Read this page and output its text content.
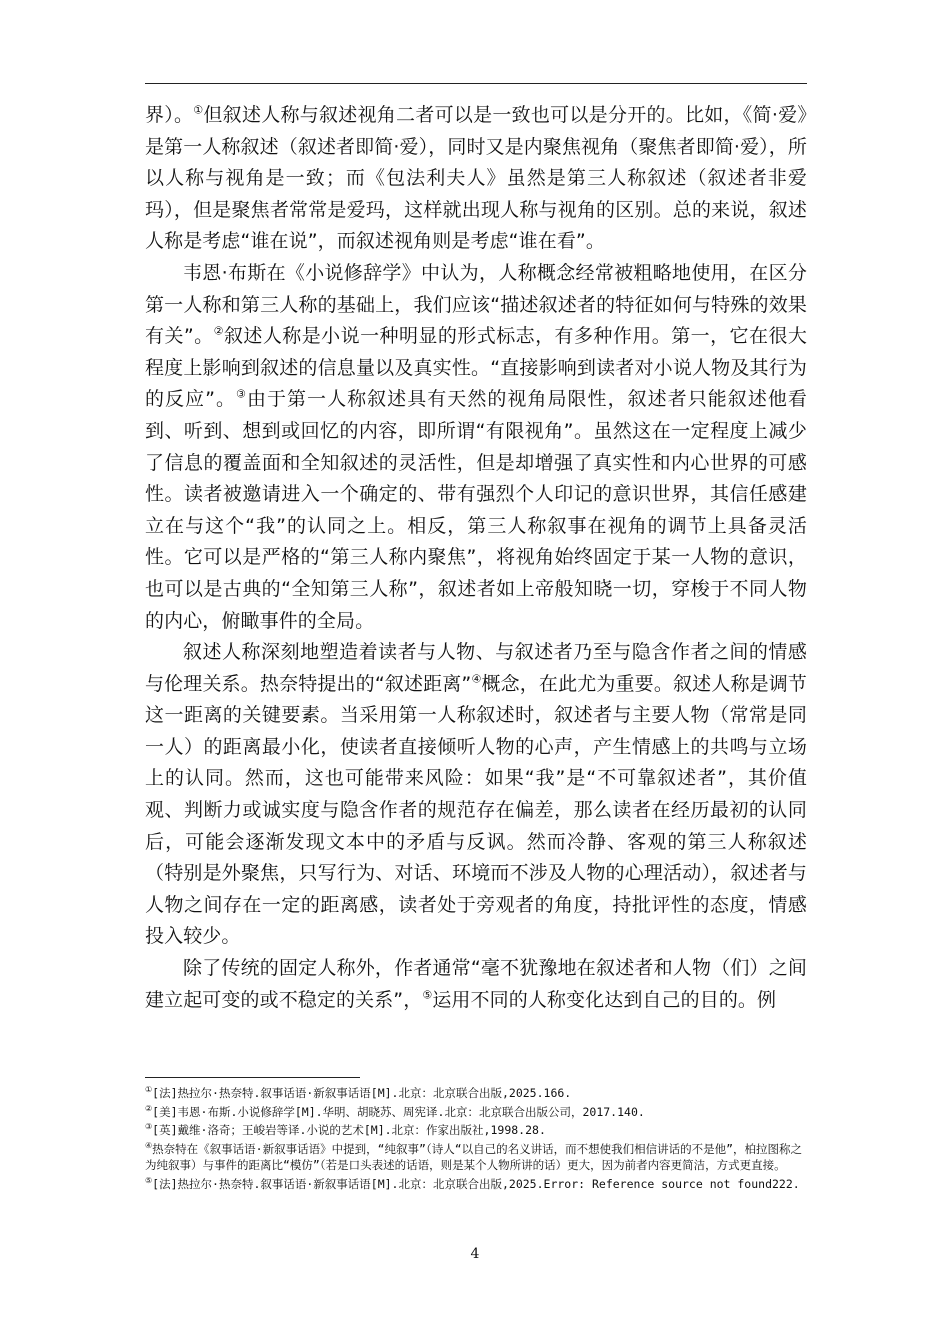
界）。①但叙述人称与叙述视角二者可以是一致也可以是分开的。比如，《简·爱》是第一人称叙述（叙述者即简·爱），同时又是内聚焦视角（聚焦者即简·爱），所以人称与视角是一致；而《包法利夫人》虽然是第三人称叙述（叙述者非爱玛），但是聚焦者常常是爱玛，这样就出现人称与视角的区别。总的来说，叙述人称是考虑“谁在说”，而叙述视角则是考虑“谁在看”。

韦恩·布斯在《小说修辞学》中认为，人称概念经常被粗略地使用，在区分第一人称和第三人称的基础上，我们应该“描述叙述者的特征如何与特殊的效果有关”。②叙述人称是小说一种明显的形式标志，有多种作用。第一，它在很大程度上影响到叙述的信息量以及真实性。“直接影响到读者对小说人物及其行为的反应”。③由于第一人称叙述具有天然的视角局限性，叙述者只能叙述他看到、听到、想到或回忆的内容，即所谓“有限视角”。虽然这在一定程度上减少了信息的覆盖面和全知叙述的灵活性，但是却增强了真实性和内心世界的可感性。读者被邀请进入一个确定的、带有强烈个人印记的意识世界，其信任感建立在与这个“我”的认同之上。相反，第三人称叙事在视角的调节上具备灵活性。它可以是严格的“第三人称内聚焦”，将视角始终固定于某一人物的意识，也可以是古典的“全知第三人称”，叙述者如上帝般知晓一切，穿梭于不同人物的内心，俯瞰事件的全局。

叙述人称深刻地塑造着读者与人物、与叙述者乃至与隐含作者之间的情感与伦理关系。热奈特提出的“叙述距离”④概念，在此尤为重要。叙述人称是调节这一距离的关键要素。当采用第一人称叙述时，叙述者与主要人物（常常是同一人）的距离最小化，使读者直接倾听人物的心声，产生情感上的共鸣与立场上的认同。然而，这也可能带来风险：如果“我”是“不可靠叙述者”，其价值观、判断力或诚实度与隐含作者的规范存在偏差，那么读者在经历最初的认同后，可能会逐渐发现文本中的矛盾与反讽。然而冷静、客观的第三人称叙述（特别是外聚焦，只写行为、对话、环境而不涉及人物的心理活动），叙述者与人物之间存在一定的距离感，读者处于旁观者的角度，持批评性的态度，情感投入较少。

除了传统的固定人称外，作者通常“毫不犹豫地在叙述者和人物（们）之间建立起可变的或不稳定的关系”，⑤运用不同的人称变化达到自己的目的。例

①[法]热拉尔·热奈特.叙事话语·新叙事话语[M].北京：北京联合出版,2025.166.

②[美]韦恩·布斯.小说修辞学[M].华明、胡晓苏、周宪译.北京：北京联合出版公司，2017.140.

③[英]戴维·洛奇；王峻岩等译.小说的艺术[M].北京：作家出版社,1998.28.

④热奈特在《叙事话语·新叙事话语》中提到，“纯叙事”（诗人“以自己的名义讲话，而不想使我们相信讲话的不是他”，柏拉图称之为纯叙事）与事件的距离比“模仿”（若是口头表述的话语，则是某个人物所讲的话）更大，因为前者内容更简洁，方式更直接。

⑤[法]热拉尔·热奈特.叙事话语·新叙事话语[M].北京：北京联合出版,2025.Error: Reference source not found222.

4
